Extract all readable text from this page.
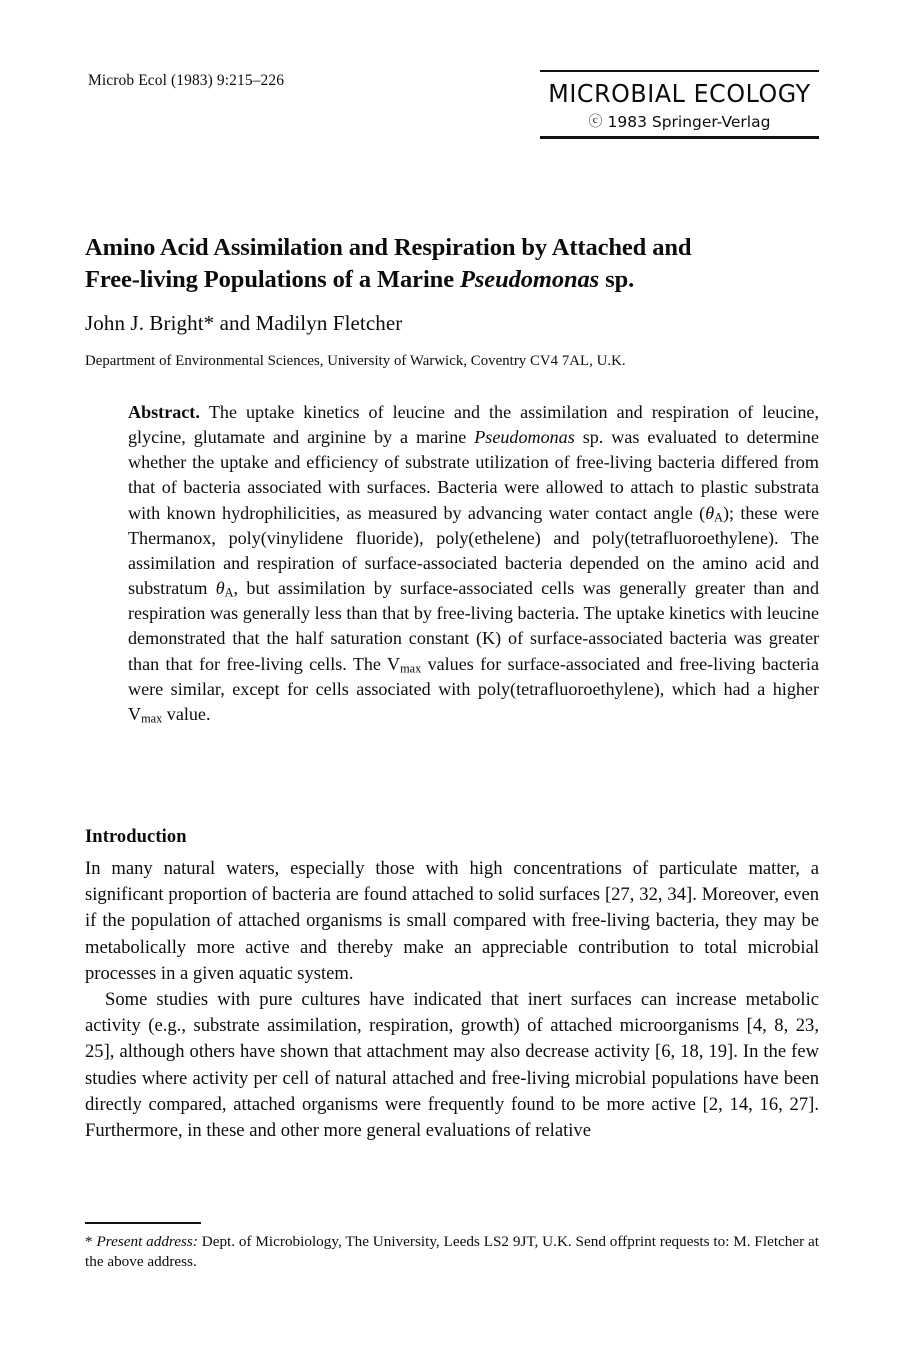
Microb Ecol (1983) 9:215–226	MICROBIAL ECOLOGY
ⓒ 1983 Springer-Verlag
Amino Acid Assimilation and Respiration by Attached and
Free-living Populations of a Marine Pseudomonas sp.
John J. Bright* and Madilyn Fletcher
Department of Environmental Sciences, University of Warwick, Coventry CV4 7AL, U.K.
Abstract. The uptake kinetics of leucine and the assimilation and respiration of leucine, glycine, glutamate and arginine by a marine Pseudomonas sp. was evaluated to determine whether the uptake and efficiency of substrate utilization of free-living bacteria differed from that of bacteria associated with surfaces. Bacteria were allowed to attach to plastic substrata with known hydrophilicities, as measured by advancing water contact angle $(\theta_A)$; these were Thermanox, poly(vinylidene fluoride), poly(ethelene) and poly(tetrafluoroethylene). The assimilation and respiration of surface-associated bacteria depended on the amino acid and substratum $\theta_A$, but assimilation by surface-associated cells was generally greater than and respiration was generally less than that by free-living bacteria. The uptake kinetics with leucine demonstrated that the half saturation constant (K) of surface-associated bacteria was greater than that for free-living cells. The $V_{max}$ values for surface-associated and free-living bacteria were similar, except for cells associated with poly(tetrafluoroethylene), which had a higher $V_{max}$ value.
Introduction

In many natural waters, especially those with high concentrations of particulate matter, a significant proportion of bacteria are found attached to solid surfaces [27, 32, 34]. Moreover, even if the population of attached organisms is small compared with free-living bacteria, they may be metabolically more active and thereby make an appreciable contribution to total microbial processes in a given aquatic system.

Some studies with pure cultures have indicated that inert surfaces can increase metabolic activity (e.g., substrate assimilation, respiration, growth) of attached microorganisms [4, 8, 23, 25], although others have shown that attachment may also decrease activity [6, 18, 19]. In the few studies where activity per cell of natural attached and free-living microbial populations have been directly compared, attached organisms were frequently found to be more active [2, 14, 16, 27]. Furthermore, in these and other more general evaluations of relative

* Present address: Dept. of Microbiology, The University, Leeds LS2 9JT, U.K. Send offprint requests to: M. Fletcher at the above address.
